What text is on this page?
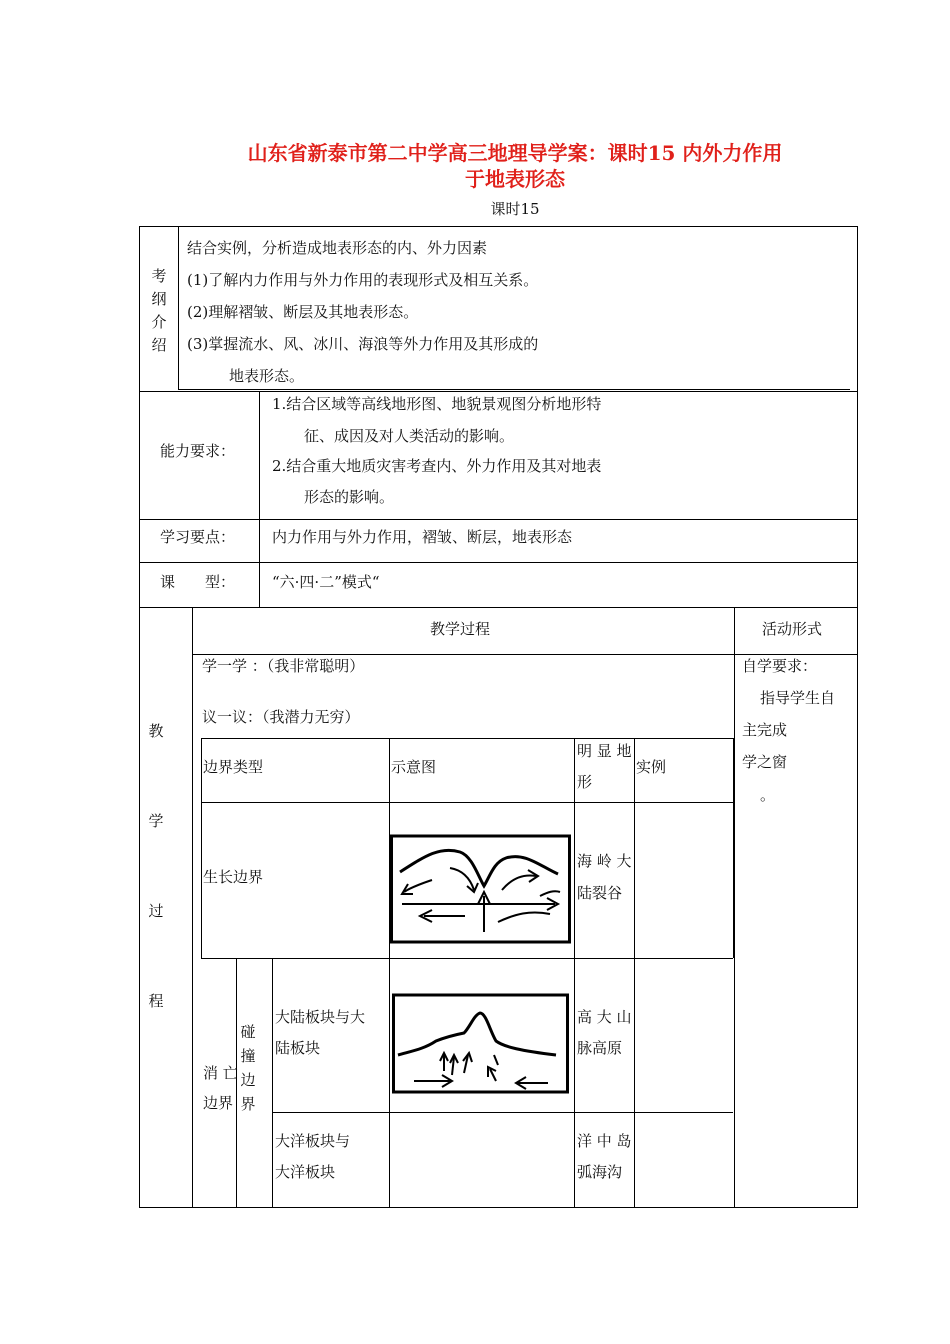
山东省新泰市第二中学高三地理导学案：课时15 内外力作用
于地表形态
课时15
考纲介绍
结合实例，分析造成地表形态的内、外力因素
(1)了解内力作用与外力作用的表现形式及相互关系。
(2)理解褶皱、断层及其地表形态。
(3)掌握流水、风、冰川、海浪等外力作用及其形成的
地表形态。
能力要求：
1.结合区域等高线地形图、地貌景观图分析地形特
征、成因及对人类活动的影响。
2.结合重大地质灾害考查内、外力作用及其对地表
形态的影响。
学习要点： 内力作用与外力作用，褶皱、断层，地表形态
课　　型： “六·四·二”模式“
教学过程
教学过程	活动形式
学一学 ：（我非常聪明）
议一议：（我潜力无穷）
自学要求：
指导学生自
主完成
学之窗
。
边界类型	示意图
明 显 地
形
实例
生长边界
海 岭 大
陆裂谷
消 亡
边界
碰撞边界
大陆板块与大
陆板块
高 大 山
脉高原
大洋板块与
大洋板块
洋 中 岛
弧海沟
